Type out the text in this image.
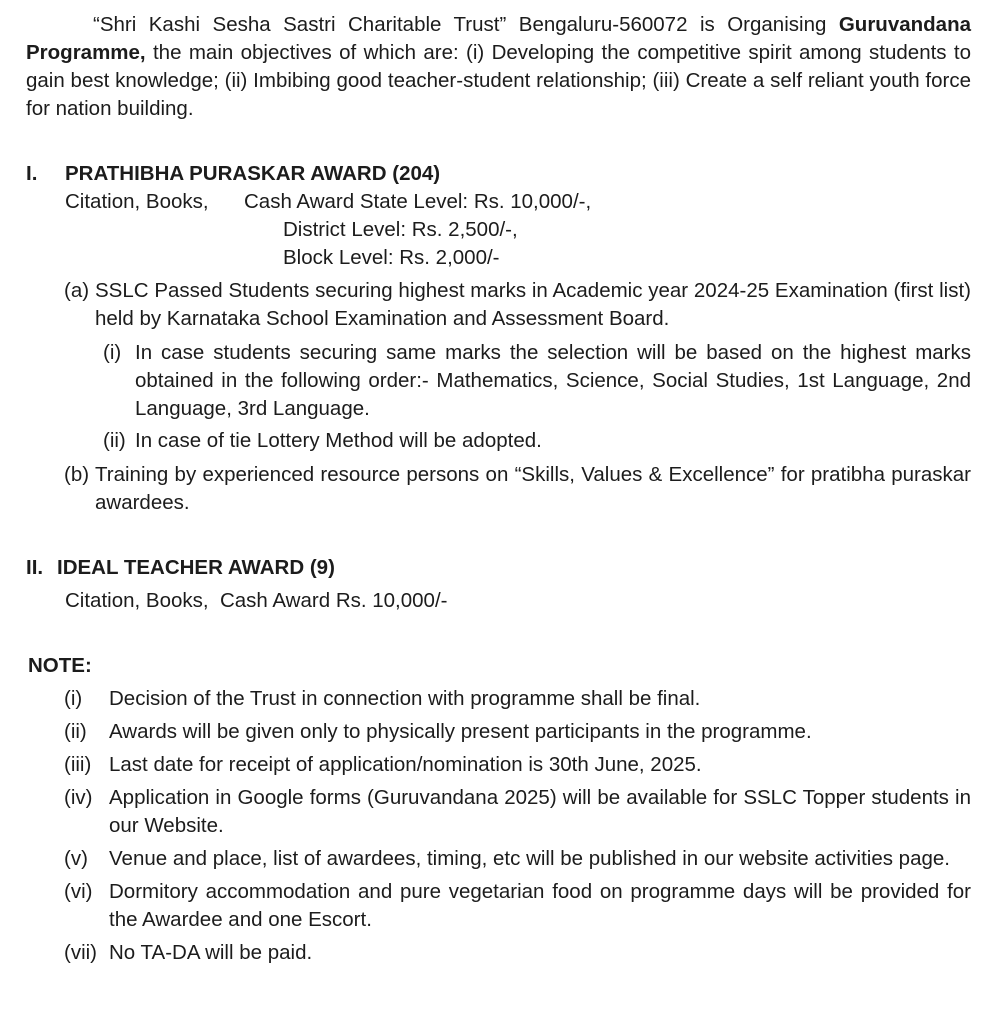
“Shri Kashi Sesha Sastri Charitable Trust” Bengaluru-560072 is Organising Guruvandana Programme, the main objectives of which are: (i) Developing the competitive spirit among students to gain best knowledge; (ii) Imbibing good teacher-student relationship; (iii) Create a self reliant youth force for nation building.

I.	PRATHIBHA PURASKAR AWARD (204)
Citation, Books,	Cash Award State Level: Rs. 10,000/-,
District Level: Rs. 2,500/-,
Block Level: Rs. 2,000/-
(a) SSLC Passed Students securing highest marks in Academic year 2024-25 Examination (first list) held by Karnataka School Examination and Assessment Board.
(i) In case students securing same marks the selection will be based on the highest marks obtained in the following order:- Mathematics, Science, Social Studies, 1st Language, 2nd Language, 3rd Language.
(ii) In case of tie Lottery Method will be adopted.
(b) Training by experienced resource persons on “Skills, Values & Excellence” for pratibha puraskar awardees.
II. IDEAL TEACHER AWARD (9)
Citation, Books,  Cash Award Rs. 10,000/-
NOTE:
(i)	Decision of the Trust in connection with programme shall be final.
(ii)	Awards will be given only to physically present participants in the programme.
(iii) Last date for receipt of application/nomination is 30th June, 2025.
(iv) Application in Google forms (Guruvandana 2025) will be available for SSLC Topper students in our Website.
(v)	Venue and place, list of awardees, timing, etc will be published in our website activities page.
(vi) Dormitory accommodation and pure vegetarian food on programme days will be provided for the Awardee and one Escort.
(vii) No TA-DA will be paid.
